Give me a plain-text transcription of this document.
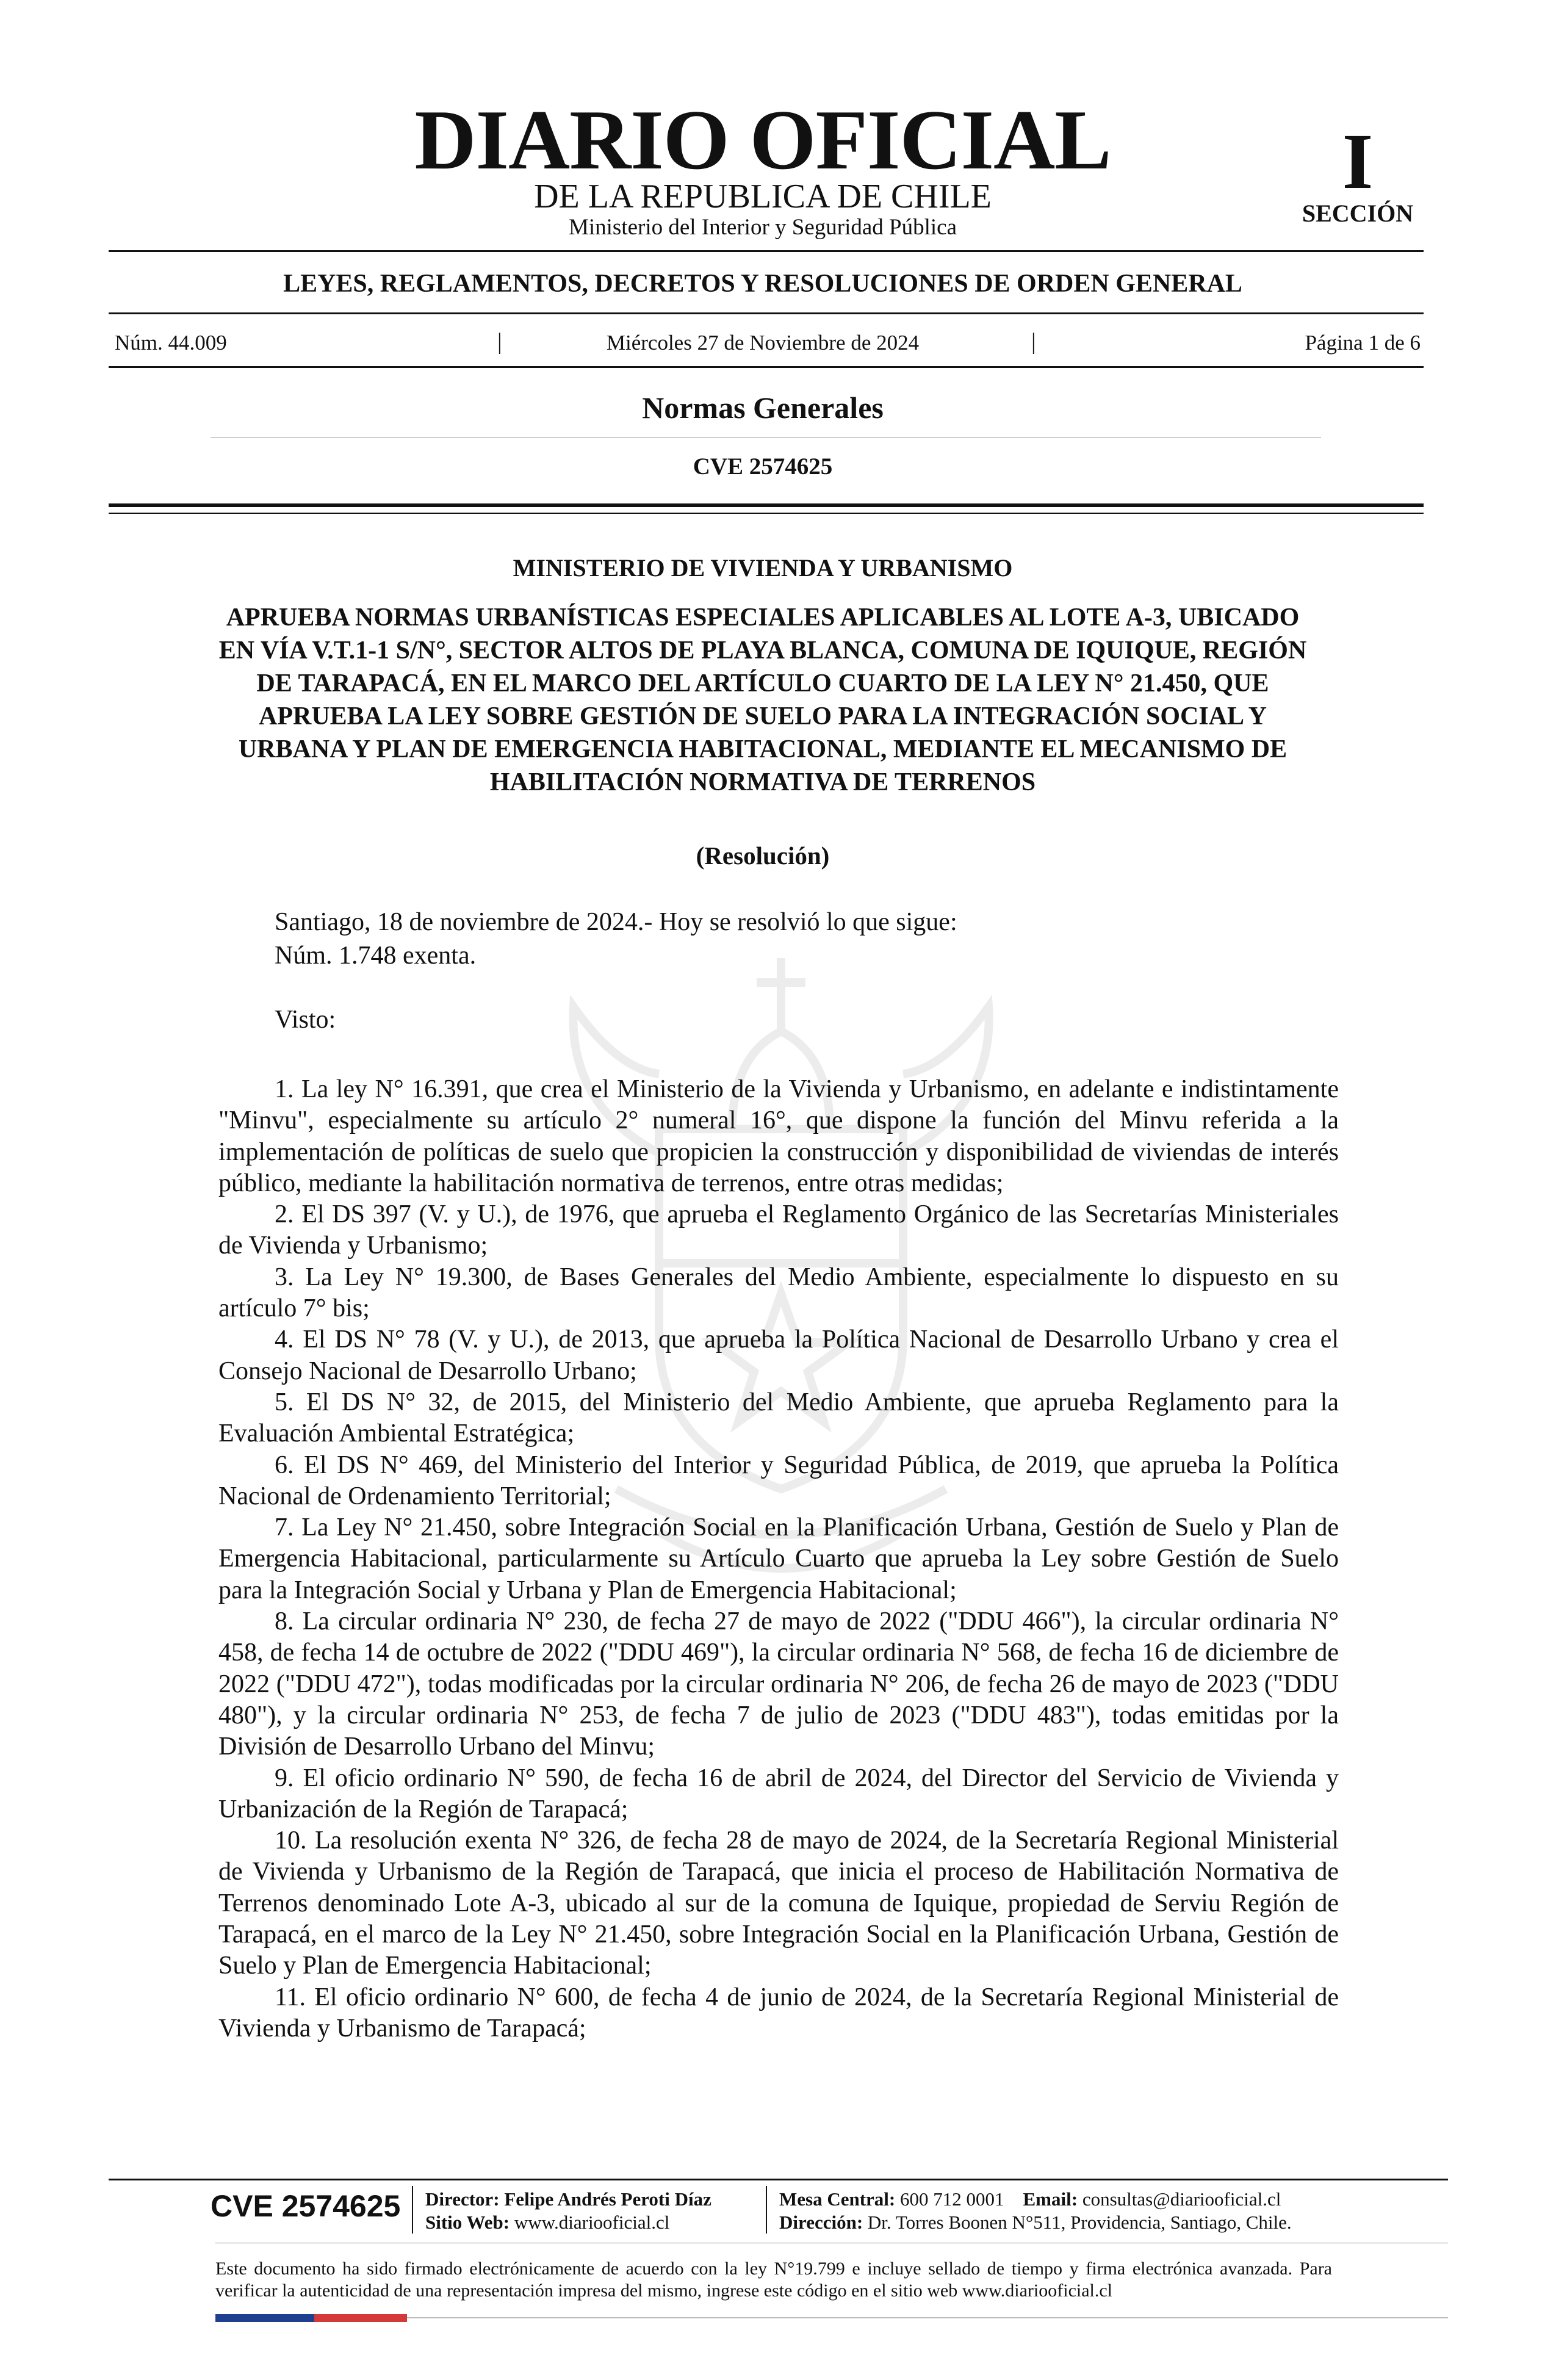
DIARIO OFICIAL
DE LA REPUBLICA DE CHILE
Ministerio del Interior y Seguridad Pública
I
SECCIÓN
LEYES, REGLAMENTOS, DECRETOS Y RESOLUCIONES DE ORDEN GENERAL
Núm. 44.009	|	Miércoles 27 de Noviembre de 2024	|	Página 1 de 6
Normas Generales
CVE 2574625
MINISTERIO DE VIVIENDA Y URBANISMO
APRUEBA NORMAS URBANÍSTICAS ESPECIALES APLICABLES AL LOTE A-3, UBICADO EN VÍA V.T.1-1 S/N°, SECTOR ALTOS DE PLAYA BLANCA, COMUNA DE IQUIQUE, REGIÓN DE TARAPACÁ, EN EL MARCO DEL ARTÍCULO CUARTO DE LA LEY N° 21.450, QUE APRUEBA LA LEY SOBRE GESTIÓN DE SUELO PARA LA INTEGRACIÓN SOCIAL Y URBANA Y PLAN DE EMERGENCIA HABITACIONAL, MEDIANTE EL MECANISMO DE HABILITACIÓN NORMATIVA DE TERRENOS
(Resolución)
Santiago, 18 de noviembre de 2024.- Hoy se resolvió lo que sigue:
Núm. 1.748 exenta.
Visto:

1. La ley N° 16.391, que crea el Ministerio de la Vivienda y Urbanismo, en adelante e indistintamente "Minvu", especialmente su artículo 2° numeral 16°, que dispone la función del Minvu referida a la implementación de políticas de suelo que propicien la construcción y disponibilidad de viviendas de interés público, mediante la habilitación normativa de terrenos, entre otras medidas;

2. El DS 397 (V. y U.), de 1976, que aprueba el Reglamento Orgánico de las Secretarías Ministeriales de Vivienda y Urbanismo;

3. La Ley N° 19.300, de Bases Generales del Medio Ambiente, especialmente lo dispuesto en su artículo 7° bis;

4. El DS N° 78 (V. y U.), de 2013, que aprueba la Política Nacional de Desarrollo Urbano y crea el Consejo Nacional de Desarrollo Urbano;

5. El DS N° 32, de 2015, del Ministerio del Medio Ambiente, que aprueba Reglamento para la Evaluación Ambiental Estratégica;

6. El DS N° 469, del Ministerio del Interior y Seguridad Pública, de 2019, que aprueba la Política Nacional de Ordenamiento Territorial;

7. La Ley N° 21.450, sobre Integración Social en la Planificación Urbana, Gestión de Suelo y Plan de Emergencia Habitacional, particularmente su Artículo Cuarto que aprueba la Ley sobre Gestión de Suelo para la Integración Social y Urbana y Plan de Emergencia Habitacional;

8. La circular ordinaria N° 230, de fecha 27 de mayo de 2022 ("DDU 466"), la circular ordinaria N° 458, de fecha 14 de octubre de 2022 ("DDU 469"), la circular ordinaria N° 568, de fecha 16 de diciembre de 2022 ("DDU 472"), todas modificadas por la circular ordinaria N° 206, de fecha 26 de mayo de 2023 ("DDU 480"), y la circular ordinaria N° 253, de fecha 7 de julio de 2023 ("DDU 483"), todas emitidas por la División de Desarrollo Urbano del Minvu;

9. El oficio ordinario N° 590, de fecha 16 de abril de 2024, del Director del Servicio de Vivienda y Urbanización de la Región de Tarapacá;

10. La resolución exenta N° 326, de fecha 28 de mayo de 2024, de la Secretaría Regional Ministerial de Vivienda y Urbanismo de la Región de Tarapacá, que inicia el proceso de Habilitación Normativa de Terrenos denominado Lote A-3, ubicado al sur de la comuna de Iquique, propiedad de Serviu Región de Tarapacá, en el marco de la Ley N° 21.450, sobre Integración Social en la Planificación Urbana, Gestión de Suelo y Plan de Emergencia Habitacional;

11. El oficio ordinario N° 600, de fecha 4 de junio de 2024, de la Secretaría Regional Ministerial de Vivienda y Urbanismo de Tarapacá;

CVE 2574625 Director: Felipe Andrés Peroti Díaz
Sitio Web: www.diariooficial.cl
Mesa Central: 600 712 0001 Email: consultas@diariooficial.cl
Dirección: Dr. Torres Boonen N°511, Providencia, Santiago, Chile.
Este documento ha sido firmado electrónicamente de acuerdo con la ley N°19.799 e incluye sellado de tiempo y firma electrónica avanzada. Para verificar la autenticidad de una representación impresa del mismo, ingrese este código en el sitio web www.diariooficial.cl
